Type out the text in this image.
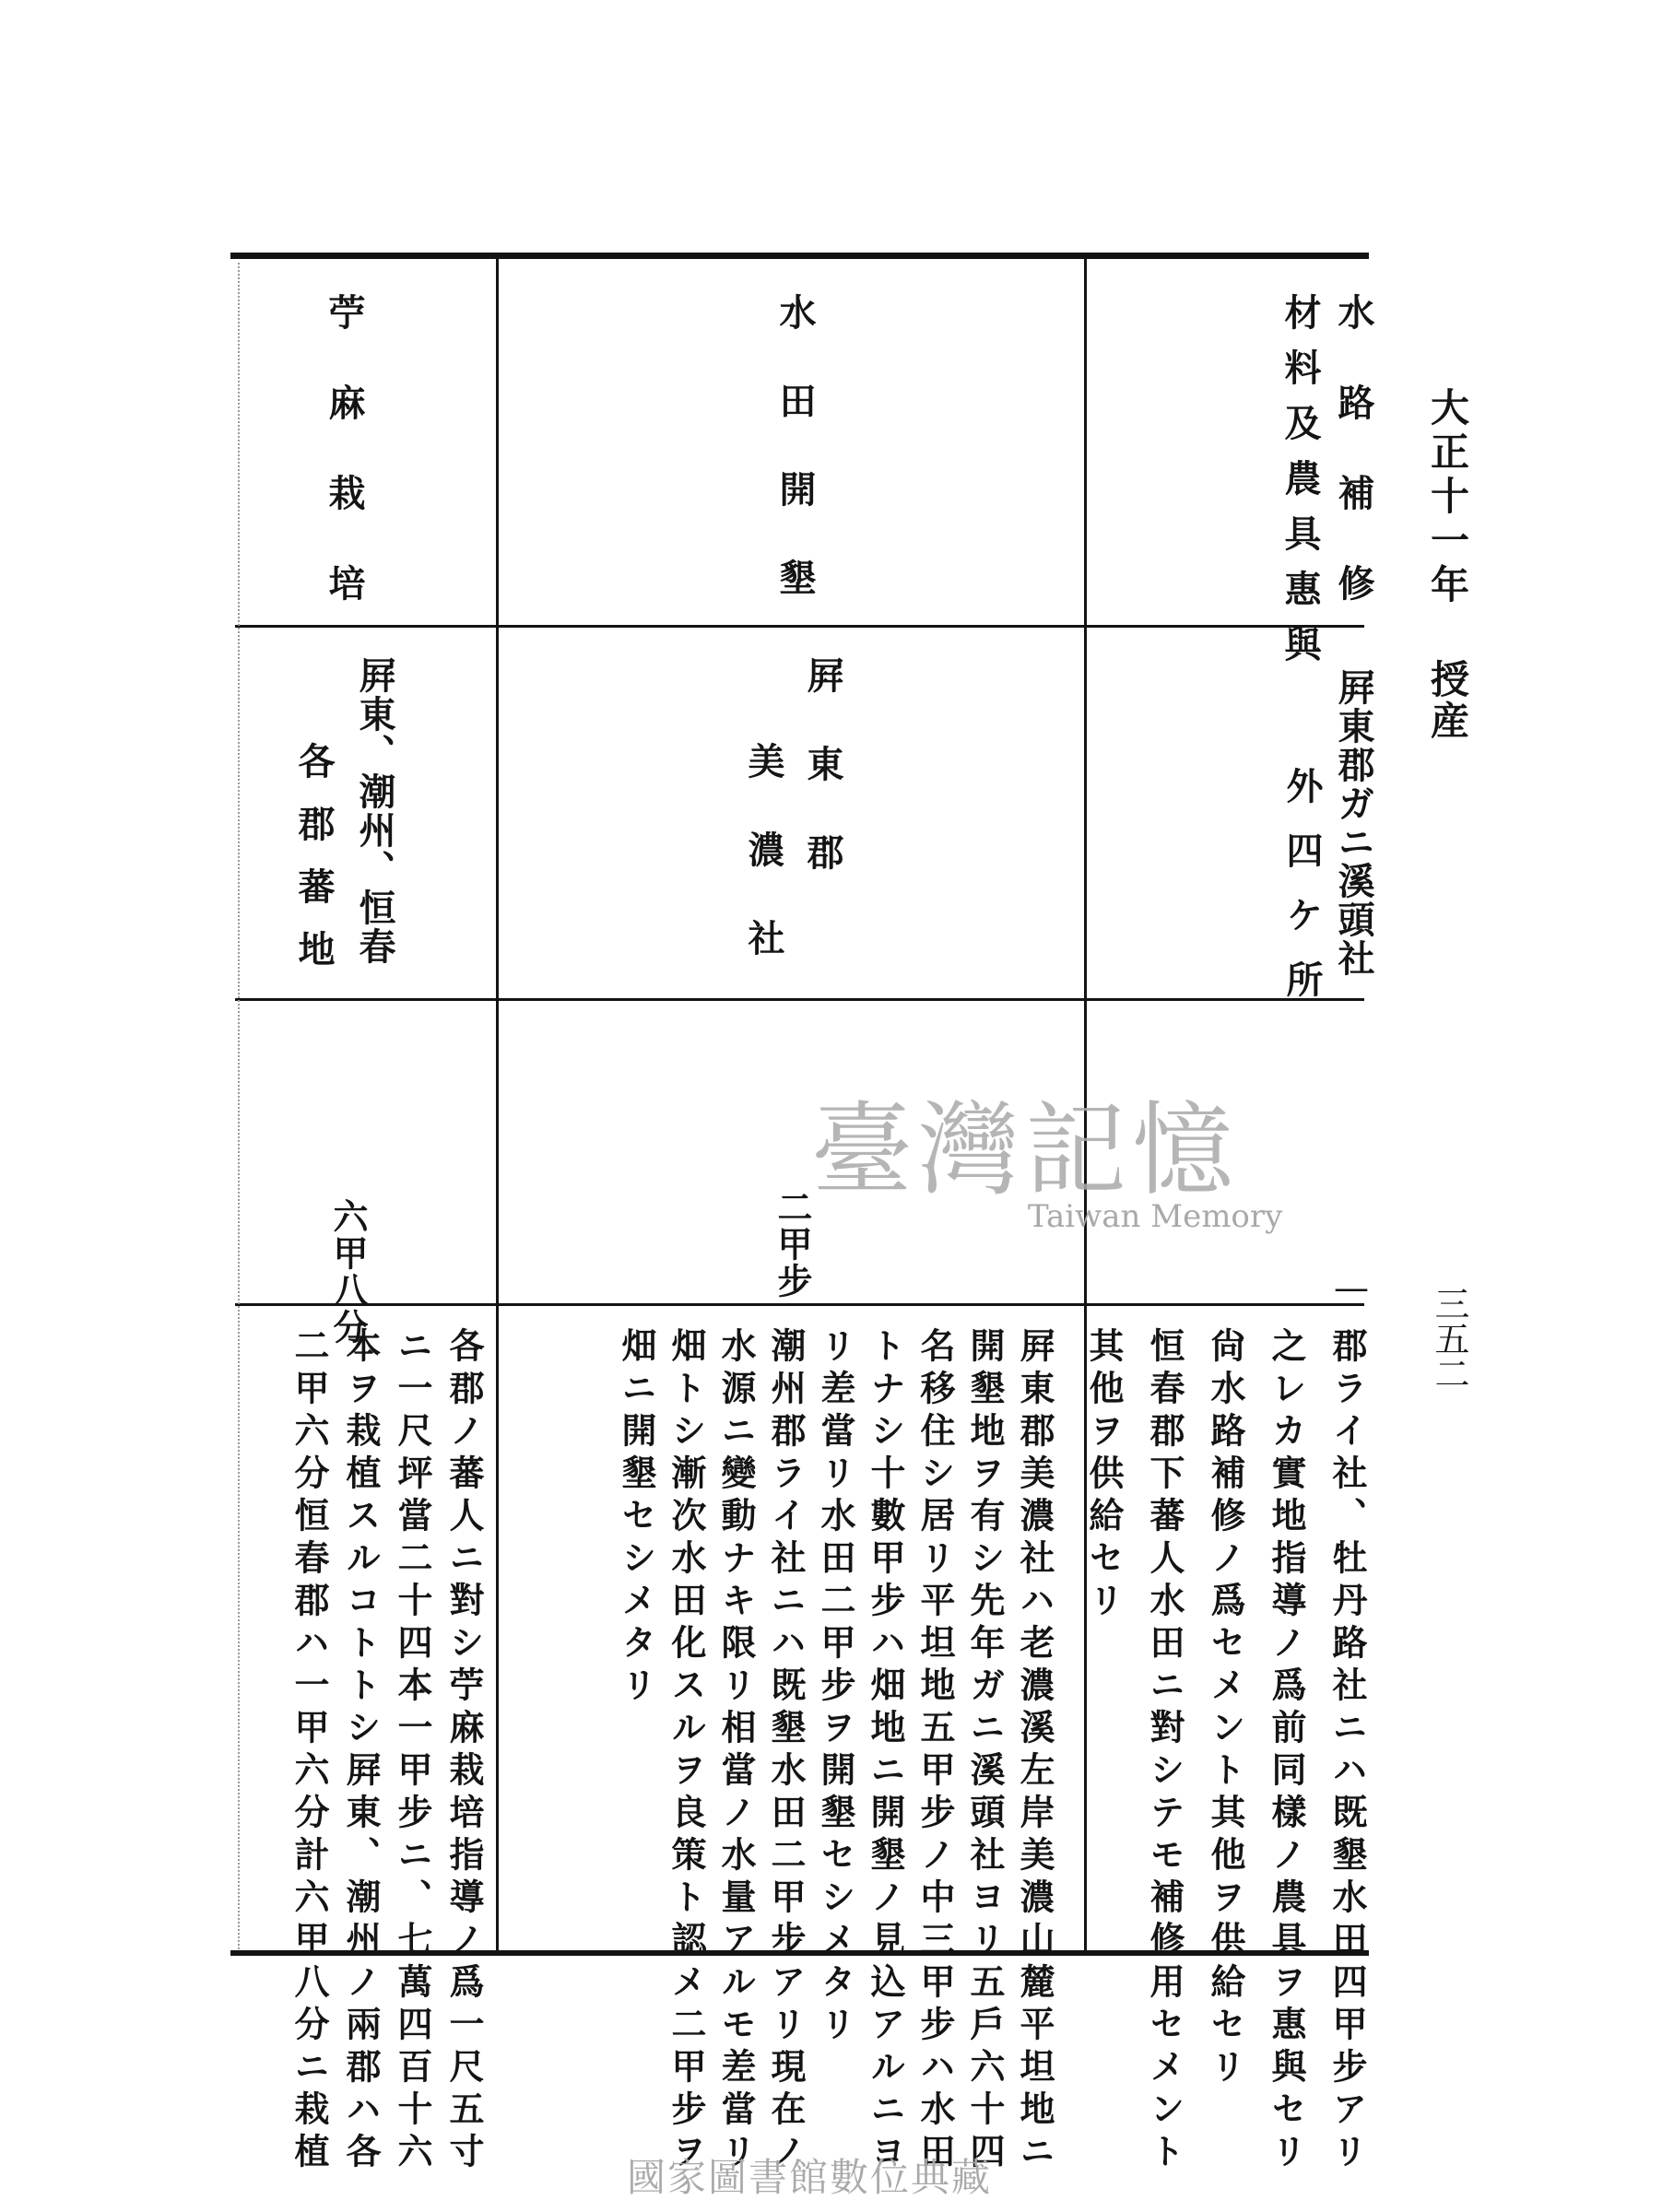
大正十一年 授
産
三五二
水路補修
材料及農具惠與
屛東郡ガニ溪頭社
外四ケ所
—
郡ライ社、牡丹路社ニハ既墾水田四甲步アリ
之レカ實地指導ノ爲前同樣ノ農具ヲ惠與セリ
尙水路補修ノ爲セメント其他ヲ供給セリ
恒春郡下蕃人水田ニ對シテモ補修用セメント
其他ヲ供給セリ
水田開墾
屛東郡
美濃社
二甲步
屛東郡美濃社ハ老濃溪左岸美濃山麓平坦地ニ
開墾地ヲ有シ先年ガニ溪頭社ヨリ五戶六十四
名移住シ居リ平坦地五甲步ノ中三甲步ハ水田
トナシ十數甲步ハ畑地ニ開墾ノ見込アルニヨ
リ差當リ水田二甲步ヲ開墾セシメタリ
潮州郡ライ社ニハ既墾水田二甲步アリ現在ノ
水源ニ變動ナキ限リ相當ノ水量アルモ差當リ
畑トシ漸次水田化スルヲ良策ト認メ二甲步ヲ
畑ニ開墾セシメタリ
苧麻栽培
屛東、潮州、恒春
各郡蕃地
六甲八分
各郡ノ蕃人ニ對シ苧麻栽培指導ノ爲一尺五寸
ニ一尺坪當二十四本一甲步ニ、七萬四百十六
本ヲ栽植スルコトトシ屛東、潮州ノ兩郡ハ各
二甲六分恒春郡ハ一甲六分計六甲八分ニ栽植
臺灣記憶
Taiwan Memory
國家圖書館數位典藏
